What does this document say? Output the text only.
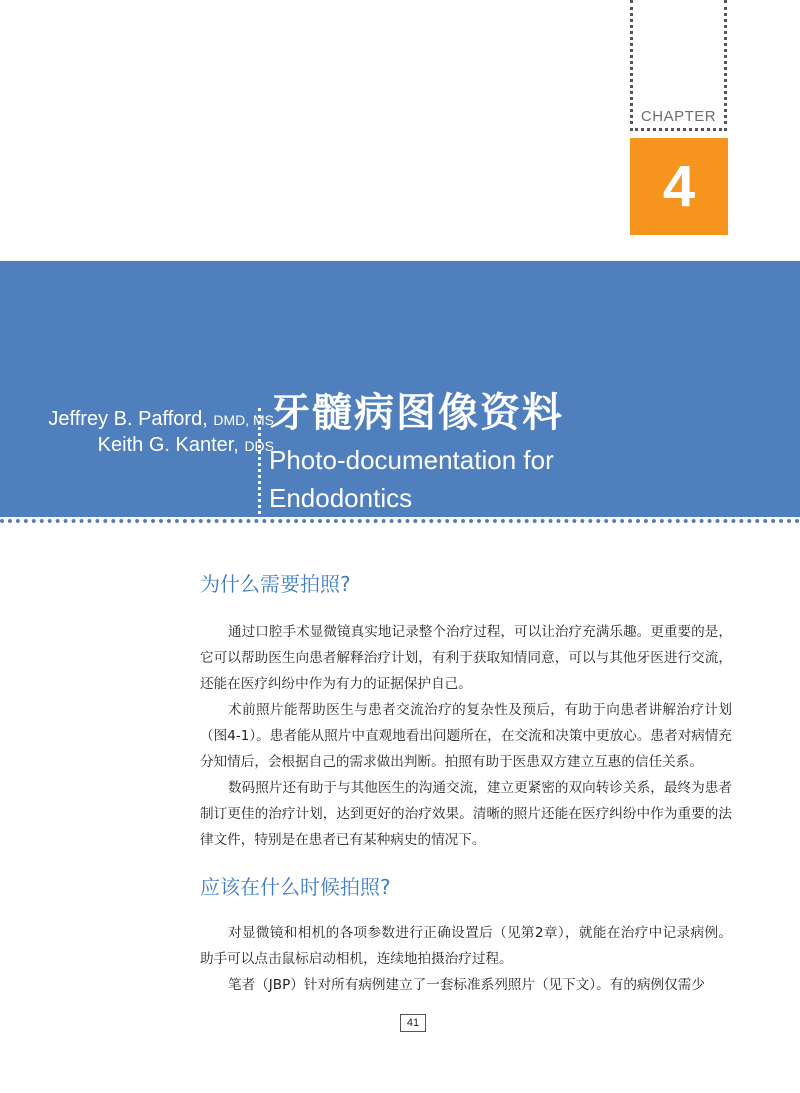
CHAPTER
4
Jeffrey B. Pafford, DMD, MS
Keith G. Kanter, DDS
牙髓病图像资料
Photo-documentation for
Endodontics
为什么需要拍照?

通过口腔手术显微镜真实地记录整个治疗过程，可以让治疗充满乐趣。更重要的是，它可以帮助医生向患者解释治疗计划，有利于获取知情同意，可以与其他牙医进行交流，还能在医疗纠纷中作为有力的证据保护自己。

术前照片能帮助医生与患者交流治疗的复杂性及预后，有助于向患者讲解治疗计划（图4-1）。患者能从照片中直观地看出问题所在，在交流和决策中更放心。患者对病情充分知情后，会根据自己的需求做出判断。拍照有助于医患双方建立互惠的信任关系。

数码照片还有助于与其他医生的沟通交流，建立更紧密的双向转诊关系，最终为患者制订更佳的治疗计划，达到更好的治疗效果。清晰的照片还能在医疗纠纷中作为重要的法律文件，特别是在患者已有某种病史的情况下。

应该在什么时候拍照?

对显微镜和相机的各项参数进行正确设置后（见第2章），就能在治疗中记录病例。助手可以点击鼠标启动相机，连续地拍摄治疗过程。

笔者（JBP）针对所有病例建立了一套标准系列照片（见下文）。有的病例仅需少

41
